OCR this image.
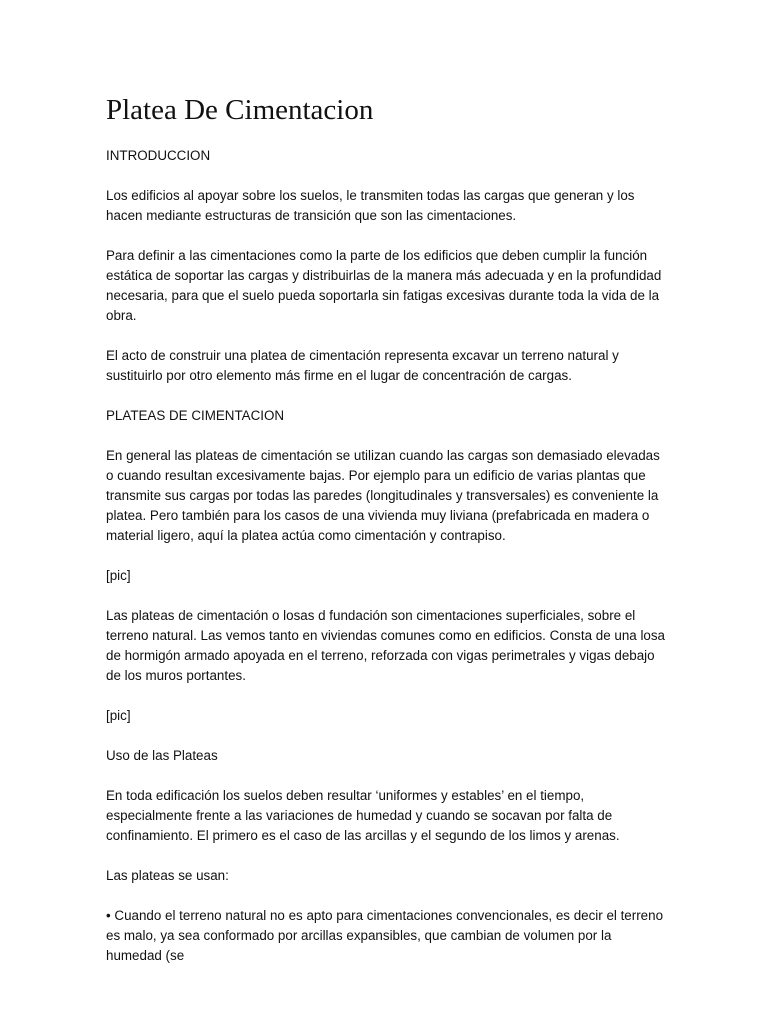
Platea De Cimentacion

INTRODUCCION

Los edificios al apoyar sobre los suelos, le transmiten todas las cargas que generan y los hacen mediante estructuras de transición que son las cimentaciones.

Para definir a las cimentaciones como la parte de los edificios que deben cumplir la función estática de soportar las cargas y distribuirlas de la manera más adecuada y en la profundidad necesaria, para que el suelo pueda soportarla sin fatigas excesivas durante toda la vida de la obra.

El acto de construir una platea de cimentación representa excavar un terreno natural y sustituirlo por otro elemento más firme en el lugar de concentración de cargas.

PLATEAS DE CIMENTACION

En general las plateas de cimentación se utilizan cuando las cargas son demasiado elevadas o cuando resultan excesivamente bajas. Por ejemplo para un edificio de varias plantas que transmite sus cargas por todas las paredes (longitudinales y transversales) es conveniente la platea. Pero también para los casos de una vivienda muy liviana (prefabricada en madera o material ligero, aquí la platea actúa como cimentación y contrapiso.

[pic]

Las plateas de cimentación o losas d fundación son cimentaciones superficiales, sobre el terreno natural. Las vemos tanto en viviendas comunes como en edificios. Consta de una losa de hormigón armado apoyada en el terreno, reforzada con vigas perimetrales y vigas debajo de los muros portantes.

[pic]

Uso de las Plateas

En toda edificación los suelos deben resultar ‘uniformes y estables’ en el tiempo, especialmente frente a las variaciones de humedad y cuando se socavan por falta de confinamiento. El primero es el caso de las arcillas y el segundo de los limos y arenas.

Las plateas se usan:

• Cuando el terreno natural no es apto para cimentaciones convencionales, es decir el terreno es malo, ya sea conformado por arcillas expansibles, que cambian de volumen por la humedad (se
